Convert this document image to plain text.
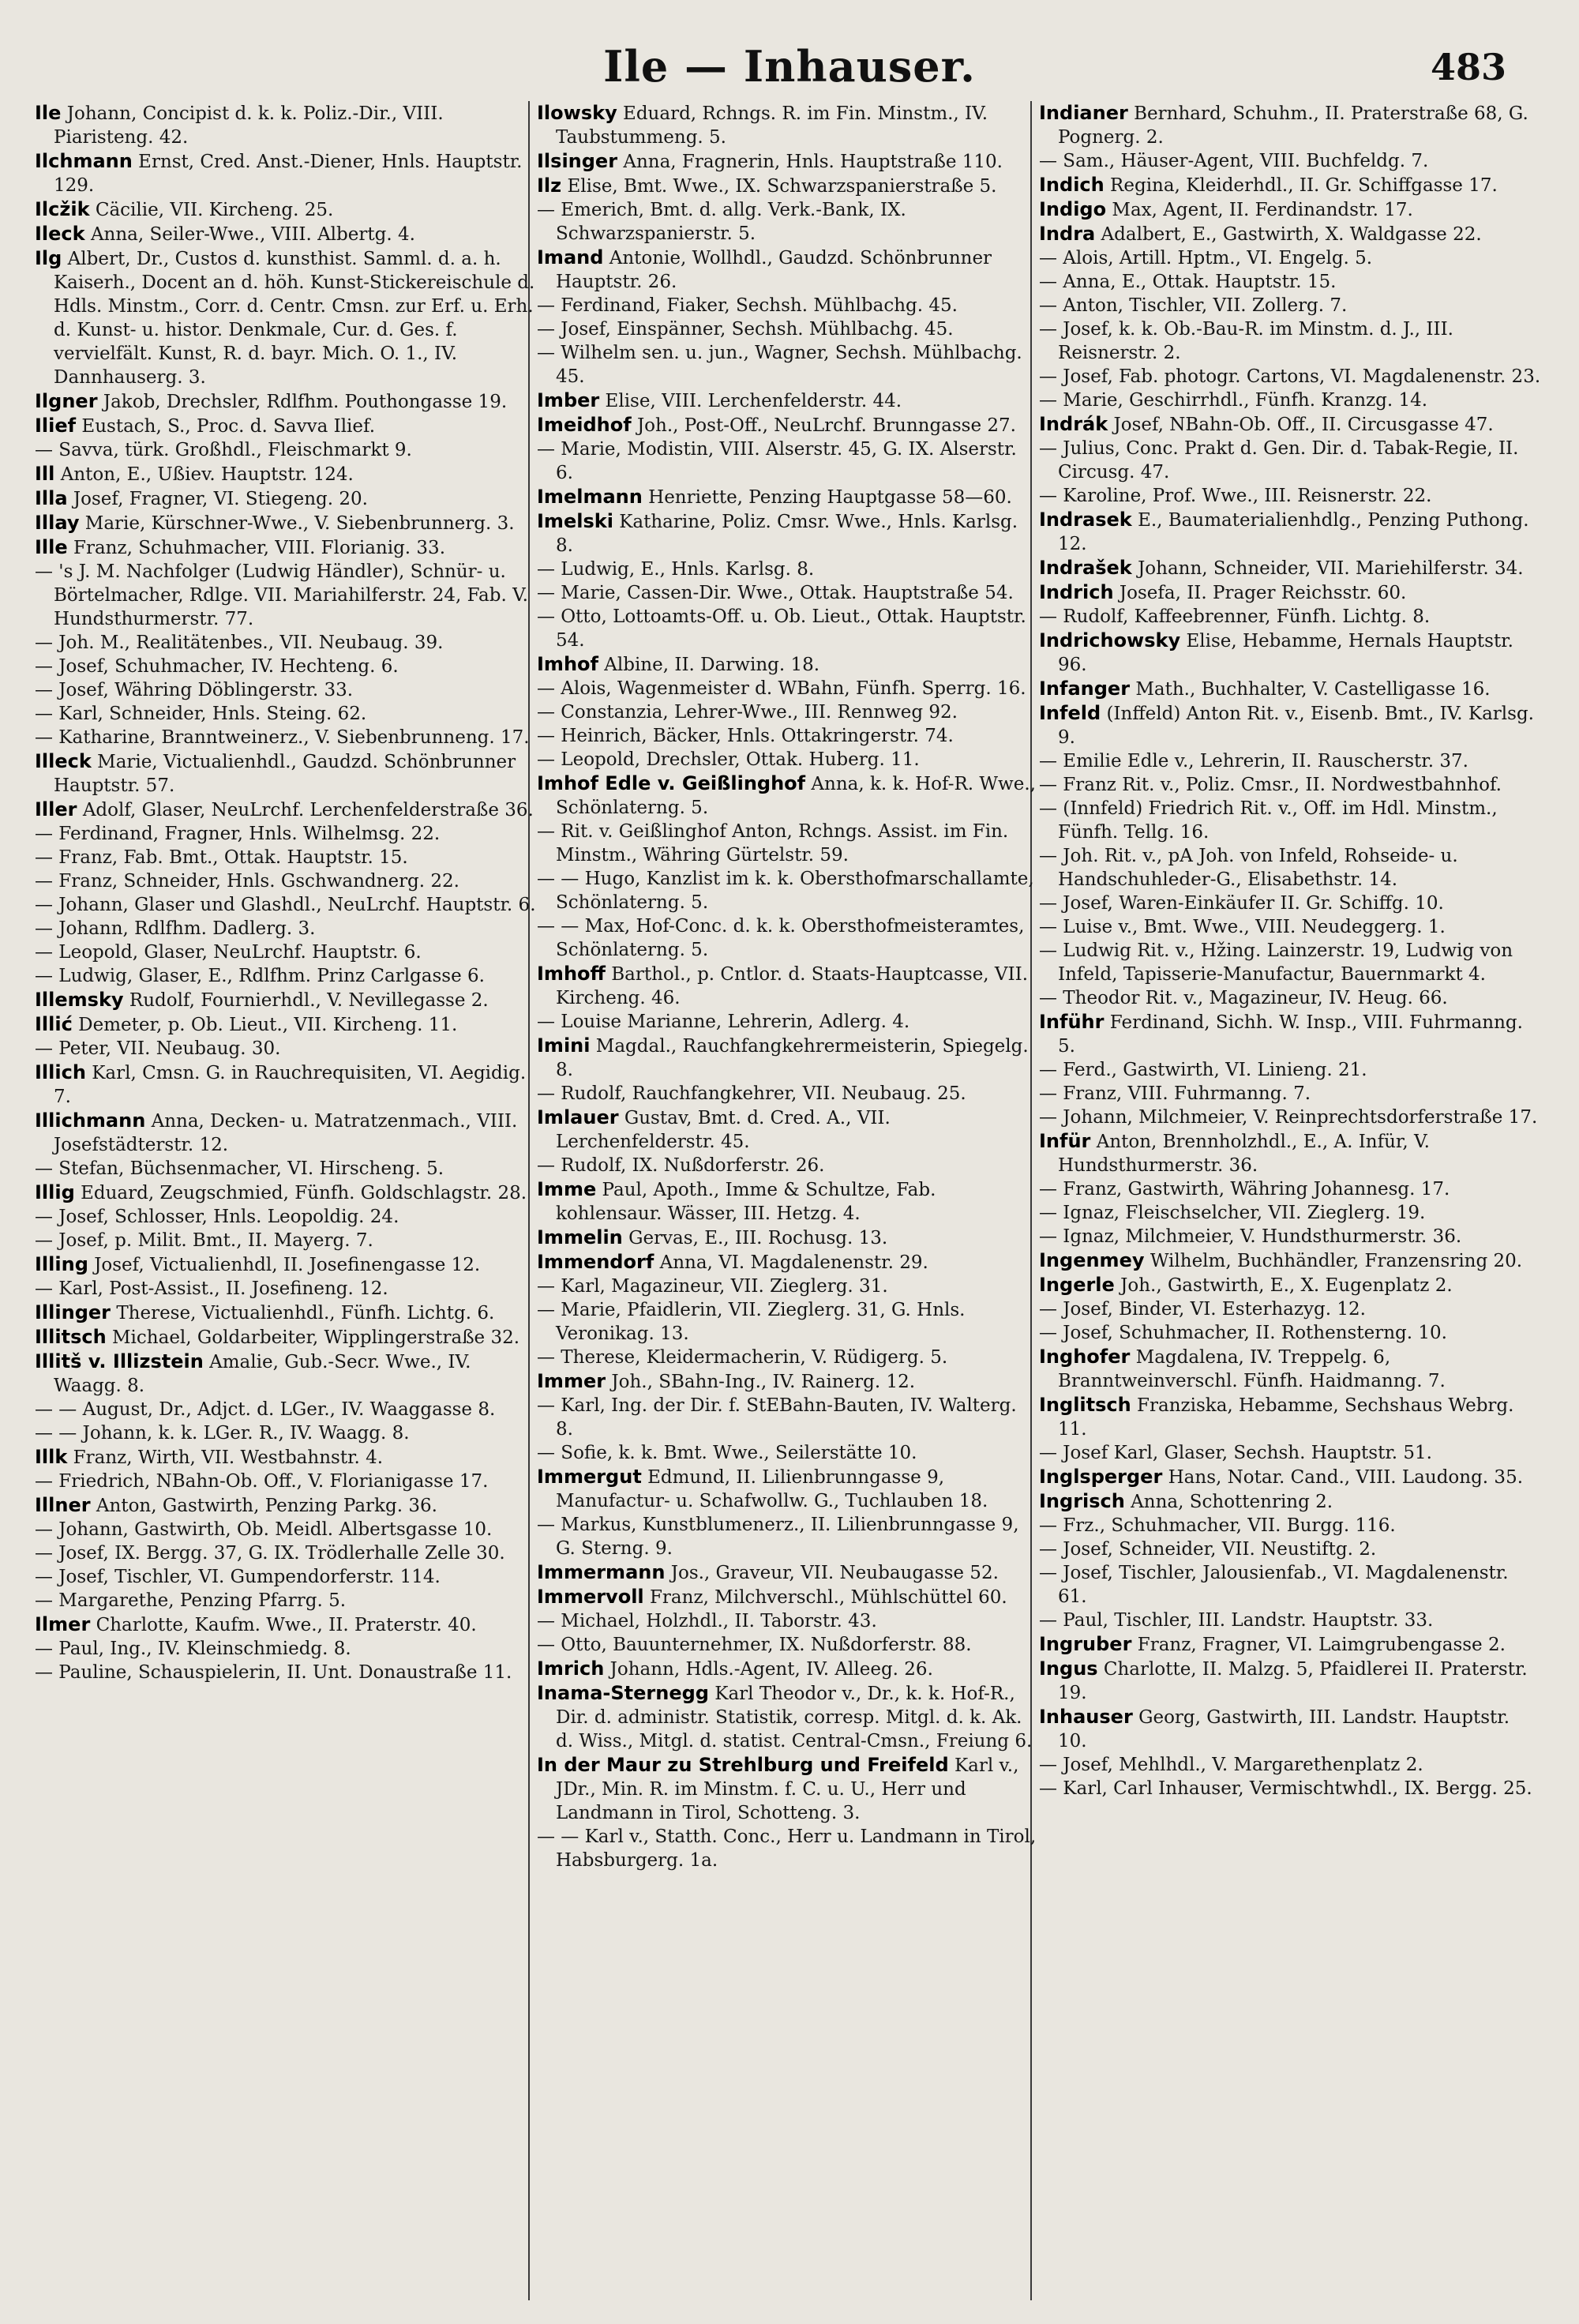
Ile — Inhauser.	483
Ile Johann, Concipist d. k. k. Poliz.-Dir., VIII. Piaristeng. 42.
Ilchmann Ernst, Cred. Anst.-Diener, Hnls. Hauptstr. 129.
Ilcžik Cäcilie, VII. Kircheng. 25.
Ileck Anna, Seiler-Wwe., VIII. Albertg. 4.
Ilg Albert, Dr., Custos d. kunsthist. Samml. d. a. h. Kaiserh., Docent an d. höh. Kunst-Stickereischule d. Hdls. Minstm., Corr. d. Centr. Cmsn. zur Erf. u. Erh. d. Kunst- u. histor. Denkmale, Cur. d. Ges. f. vervielfält. Kunst, R. d. bayr. Mich. O. 1., IV. Dannhauserg. 3.
Ilgner Jakob, Drechsler, Rdlfhm. Pouthongasse 19.
Ilief Eustach, S., Proc. d. Savva Ilief.
— Savva, türk. Großhdl., Fleischmarkt 9.
Ill Anton, E., Ußiev. Hauptstr. 124.
Illa Josef, Fragner, VI. Stiegeng. 20.
Illay Marie, Kürschner-Wwe., V. Siebenbrunnerg. 3.
Ille Franz, Schuhmacher, VIII. Florianig. 33.
— 's J. M. Nachfolger (Ludwig Händler), Schnür- u. Börtelmacher, Rdlge. VII. Mariahilferstr. 24, Fab. V. Hundsthurmerstr. 77.
— Joh. M., Realitätenbes., VII. Neubaug. 39.
— Josef, Schuhmacher, IV. Hechteng. 6.
— Josef, Währing Döblingerstr. 33.
— Karl, Schneider, Hnls. Steing. 62.
— Katharine, Branntweinerz., V. Siebenbrunneng. 17.
Illeck Marie, Victualienhdl., Gaudzd. Schönbrunner Hauptstr. 57.
Iller Adolf, Glaser, NeuLrchf. Lerchenfelderstraße 36.
— Ferdinand, Fragner, Hnls. Wilhelmsg. 22.
— Franz, Fab. Bmt., Ottak. Hauptstr. 15.
— Franz, Schneider, Hnls. Gschwandnerg. 22.
— Johann, Glaser und Glashdl., NeuLrchf. Hauptstr. 6.
— Johann, Rdlfhm. Dadlerg. 3.
— Leopold, Glaser, NeuLrchf. Hauptstr. 6.
— Ludwig, Glaser, E., Rdlfhm. Prinz Carlgasse 6.
Illemsky Rudolf, Fournierhdl., V. Nevillegasse 2.
Illić Demeter, p. Ob. Lieut., VII. Kircheng. 11.
— Peter, VII. Neubaug. 30.
Illich Karl, Cmsn. G. in Rauchrequisiten, VI. Aegidig. 7.
Illichmann Anna, Decken- u. Matratzenmach., VIII. Josefstädterstr. 12.
— Stefan, Büchsenmacher, VI. Hirscheng. 5.
Illig Eduard, Zeugschmied, Fünfh. Goldschlagstr. 28.
— Josef, Schlosser, Hnls. Leopoldig. 24.
— Josef, p. Milit. Bmt., II. Mayerg. 7.
Illing Josef, Victualienhdl, II. Josefinengasse 12.
— Karl, Post-Assist., II. Josefineng. 12.
Illinger Therese, Victualienhdl., Fünfh. Lichtg. 6.
Illitsch Michael, Goldarbeiter, Wipplingerstraße 32.
Illitš v. Illizstein Amalie, Gub.-Secr. Wwe., IV. Waagg. 8.
— — August, Dr., Adjct. d. LGer., IV. Waaggasse 8.
— — Johann, k. k. LGer. R., IV. Waagg. 8.
Illk Franz, Wirth, VII. Westbahnstr. 4.
— Friedrich, NBahn-Ob. Off., V. Florianigasse 17.
Illner Anton, Gastwirth, Penzing Parkg. 36.
— Johann, Gastwirth, Ob. Meidl. Albertsgasse 10.
— Josef, IX. Bergg. 37, G. IX. Trödlerhalle Zelle 30.
— Josef, Tischler, VI. Gumpendorferstr. 114.
— Margarethe, Penzing Pfarrg. 5.
Ilmer Charlotte, Kaufm. Wwe., II. Praterstr. 40.
— Paul, Ing., IV. Kleinschmiedg. 8.
— Pauline, Schauspielerin, II. Unt. Donaustraße 11.
Ilowsky Eduard, Rchngs. R. im Fin. Minstm., IV. Taubstummeng. 5.
Ilsinger Anna, Fragnerin, Hnls. Hauptstraße 110.
Ilz Elise, Bmt. Wwe., IX. Schwarzspanierstraße 5.
— Emerich, Bmt. d. allg. Verk.-Bank, IX. Schwarzspanierstr. 5.
Imand Antonie, Wollhdl., Gaudzd. Schönbrunner Hauptstr. 26.
— Ferdinand, Fiaker, Sechsh. Mühlbachg. 45.
— Josef, Einspänner, Sechsh. Mühlbachg. 45.
— Wilhelm sen. u. jun., Wagner, Sechsh. Mühlbachg. 45.
Imber Elise, VIII. Lerchenfelderstr. 44.
Imeidhof Joh., Post-Off., NeuLrchf. Brunngasse 27.
— Marie, Modistin, VIII. Alserstr. 45, G. IX. Alserstr. 6.
Imelmann Henriette, Penzing Hauptgasse 58—60.
Imelski Katharine, Poliz. Cmsr. Wwe., Hnls. Karlsg. 8.
— Ludwig, E., Hnls. Karlsg. 8.
— Marie, Cassen-Dir. Wwe., Ottak. Hauptstraße 54.
— Otto, Lottoamts-Off. u. Ob. Lieut., Ottak. Hauptstr. 54.
Imhof Albine, II. Darwing. 18.
— Alois, Wagenmeister d. WBahn, Fünfh. Sperrg. 16.
— Constanzia, Lehrer-Wwe., III. Rennweg 92.
— Heinrich, Bäcker, Hnls. Ottakringerstr. 74.
— Leopold, Drechsler, Ottak. Huberg. 11.
Imhof Edle v. Geißlinghof Anna, k. k. Hof-R. Wwe., Schönlaterng. 5.
— Rit. v. Geißlinghof Anton, Rchngs. Assist. im Fin. Minstm., Währing Gürtelstr. 59.
— — Hugo, Kanzlist im k. k. Obersthofmarschallamte, Schönlaterng. 5.
— — Max, Hof-Conc. d. k. k. Obersthofmeisteramtes, Schönlaterng. 5.
Imhoff Barthol., p. Cntlor. d. Staats-Hauptcasse, VII. Kircheng. 46.
— Louise Marianne, Lehrerin, Adlerg. 4.
Imini Magdal., Rauchfangkehrermeisterin, Spiegelg. 8.
— Rudolf, Rauchfangkehrer, VII. Neubaug. 25.
Imlauer Gustav, Bmt. d. Cred. A., VII. Lerchenfelderstr. 45.
— Rudolf, IX. Nußdorferstr. 26.
Imme Paul, Apoth., Imme & Schultze, Fab. kohlensaur. Wässer, III. Hetzg. 4.
Immelin Gervas, E., III. Rochusg. 13.
Immendorf Anna, VI. Magdalenenstr. 29.
— Karl, Magazineur, VII. Zieglerg. 31.
— Marie, Pfaidlerin, VII. Zieglerg. 31, G. Hnls. Veronikag. 13.
— Therese, Kleidermacherin, V. Rüdigerg. 5.
Immer Joh., SBahn-Ing., IV. Rainerg. 12.
— Karl, Ing. der Dir. f. StEBahn-Bauten, IV. Walterg. 8.
— Sofie, k. k. Bmt. Wwe., Seilerstätte 10.
Immergut Edmund, II. Lilienbrunngasse 9, Manufactur- u. Schafwollw. G., Tuchlauben 18.
— Markus, Kunstblumenerz., II. Lilienbrunngasse 9, G. Sterng. 9.
Immermann Jos., Graveur, VII. Neubaugasse 52.
Immervoll Franz, Milchverschl., Mühlschüttel 60.
— Michael, Holzhdl., II. Taborstr. 43.
— Otto, Bauunternehmer, IX. Nußdorferstr. 88.
Imrich Johann, Hdls.-Agent, IV. Alleeg. 26.
Inama-Sternegg Karl Theodor v., Dr., k. k. Hof-R., Dir. d. administr. Statistik, corresp. Mitgl. d. k. Ak. d. Wiss., Mitgl. d. statist. Central-Cmsn., Freiung 6.
In der Maur zu Strehlburg und Freifeld Karl v., JDr., Min. R. im Minstm. f. C. u. U., Herr und Landmann in Tirol, Schotteng. 3.
— — Karl v., Statth. Conc., Herr u. Landmann in Tirol, Habsburgerg. 1a.
Indianer Bernhard, Schuhm., II. Praterstraße 68, G. Pognerg. 2.
— Sam., Häuser-Agent, VIII. Buchfeldg. 7.
Indich Regina, Kleiderhdl., II. Gr. Schiffgasse 17.
Indigo Max, Agent, II. Ferdinandstr. 17.
Indra Adalbert, E., Gastwirth, X. Waldgasse 22.
— Alois, Artill. Hptm., VI. Engelg. 5.
— Anna, E., Ottak. Hauptstr. 15.
— Anton, Tischler, VII. Zollerg. 7.
— Josef, k. k. Ob.-Bau-R. im Minstm. d. J., III. Reisnerstr. 2.
— Josef, Fab. photogr. Cartons, VI. Magdalenenstr. 23.
— Marie, Geschirrhdl., Fünfh. Kranzg. 14.
Indrák Josef, NBahn-Ob. Off., II. Circusgasse 47.
— Julius, Conc. Prakt d. Gen. Dir. d. Tabak-Regie, II. Circusg. 47.
— Karoline, Prof. Wwe., III. Reisnerstr. 22.
Indrasek E., Baumaterialienhdlg., Penzing Puthong. 12.
Indrašek Johann, Schneider, VII. Mariehilferstr. 34.
Indrich Josefa, II. Prager Reichsstr. 60.
— Rudolf, Kaffeebrenner, Fünfh. Lichtg. 8.
Indrichowsky Elise, Hebamme, Hernals Hauptstr. 96.
Infanger Math., Buchhalter, V. Castelligasse 16.
Infeld (Inffeld) Anton Rit. v., Eisenb. Bmt., IV. Karlsg. 9.
— Emilie Edle v., Lehrerin, II. Rauscherstr. 37.
— Franz Rit. v., Poliz. Cmsr., II. Nordwestbahnhof.
— (Innfeld) Friedrich Rit. v., Off. im Hdl. Minstm., Fünfh. Tellg. 16.
— Joh. Rit. v., pA Joh. von Infeld, Rohseide- u. Handschuhleder-G., Elisabethstr. 14.
— Josef, Waren-Einkäufer II. Gr. Schiffg. 10.
— Luise v., Bmt. Wwe., VIII. Neudeggerg. 1.
— Ludwig Rit. v., Hžing. Lainzerstr. 19, Ludwig von Infeld, Tapisserie-Manufactur, Bauernmarkt 4.
— Theodor Rit. v., Magazineur, IV. Heug. 66.
Inführ Ferdinand, Sichh. W. Insp., VIII. Fuhrmanng. 5.
— Ferd., Gastwirth, VI. Linieng. 21.
— Franz, VIII. Fuhrmanng. 7.
— Johann, Milchmeier, V. Reinprechtsdorferstraße 17.
Infür Anton, Brennholzhdl., E., A. Infür, V. Hundsthurmerstr. 36.
— Franz, Gastwirth, Währing Johannesg. 17.
— Ignaz, Fleischselcher, VII. Zieglerg. 19.
— Ignaz, Milchmeier, V. Hundsthurmerstr. 36.
Ingenmey Wilhelm, Buchhändler, Franzensring 20.
Ingerle Joh., Gastwirth, E., X. Eugenplatz 2.
— Josef, Binder, VI. Esterhazyg. 12.
— Josef, Schuhmacher, II. Rothensterng. 10.
Inghofer Magdalena, IV. Treppelg. 6, Branntweinverschl. Fünfh. Haidmanng. 7.
Inglitsch Franziska, Hebamme, Sechshaus Webrg. 11.
— Josef Karl, Glaser, Sechsh. Hauptstr. 51.
Inglsperger Hans, Notar. Cand., VIII. Laudong. 35.
Ingrisch Anna, Schottenring 2.
— Frz., Schuhmacher, VII. Burgg. 116.
— Josef, Schneider, VII. Neustiftg. 2.
— Josef, Tischler, Jalousienfab., VI. Magdalenenstr. 61.
— Paul, Tischler, III. Landstr. Hauptstr. 33.
Ingruber Franz, Fragner, VI. Laimgrubengasse 2.
Ingus Charlotte, II. Malzg. 5, Pfaidlerei II. Praterstr. 19.
Inhauser Georg, Gastwirth, III. Landstr. Hauptstr. 10.
— Josef, Mehlhdl., V. Margarethenplatz 2.
— Karl, Carl Inhauser, Vermischtwhdl., IX. Bergg. 25.
